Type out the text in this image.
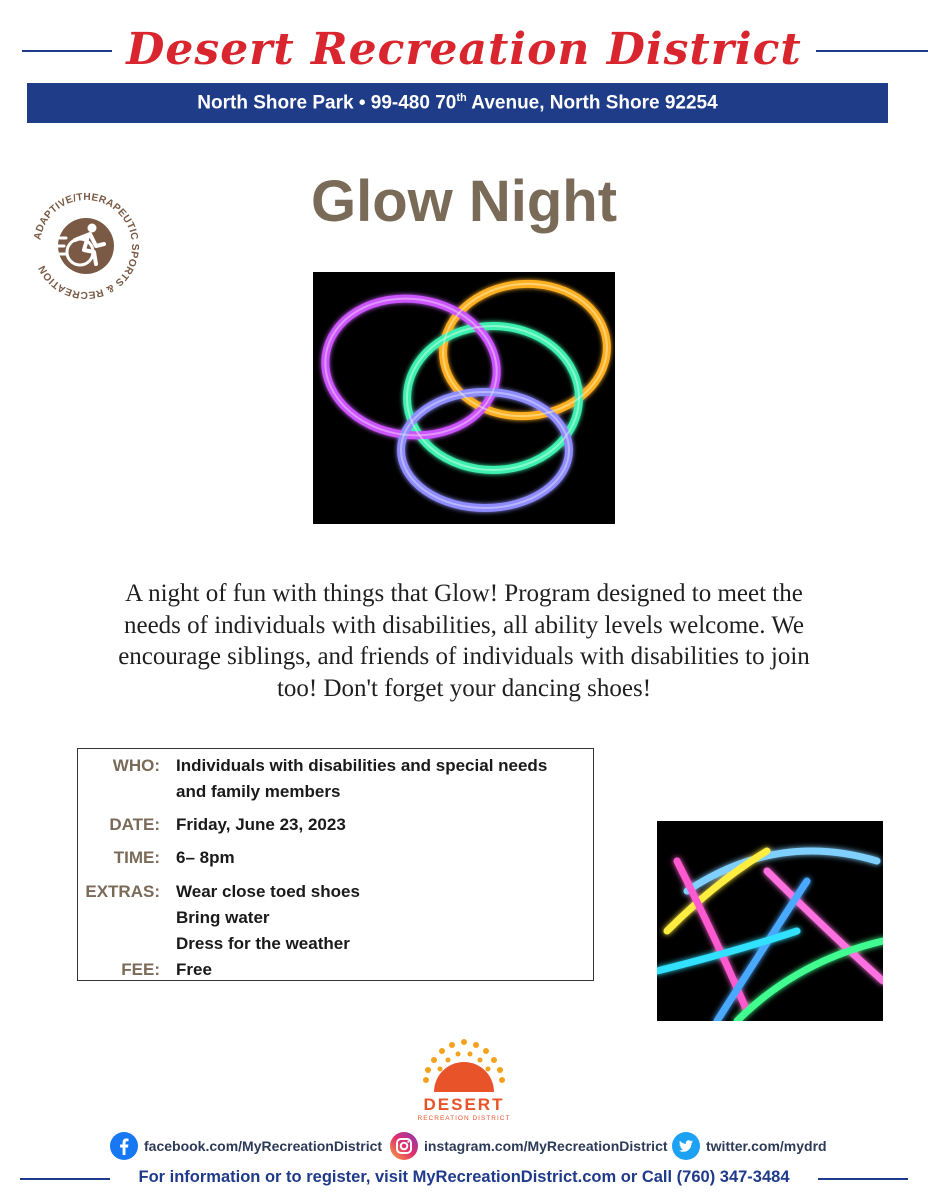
Desert Recreation District
North Shore Park • 99-480 70th Avenue, North Shore 92254
ADAPTIVE/THERAPEUTIC SPORTS & RECREATION
Glow Night
A night of fun with things that Glow! Program designed to meet the needs of individuals with disabilities, all ability levels welcome. We encourage siblings, and friends of individuals with disabilities to join too! Don't forget your dancing shoes!
WHO: Individuals with disabilities and special needs
and family members
DATE: Friday, June 23, 2023
TIME: 6– 8pm
EXTRAS: Wear close toed shoes
Bring water
Dress for the weather
FEE: Free
DESERT
RECREATION DISTRICT
facebook.com/MyRecreationDistrict	instagram.com/MyRecreationDistrict	twitter.com/mydrd
For information or to register, visit MyRecreationDistrict.com or Call (760) 347-3484
